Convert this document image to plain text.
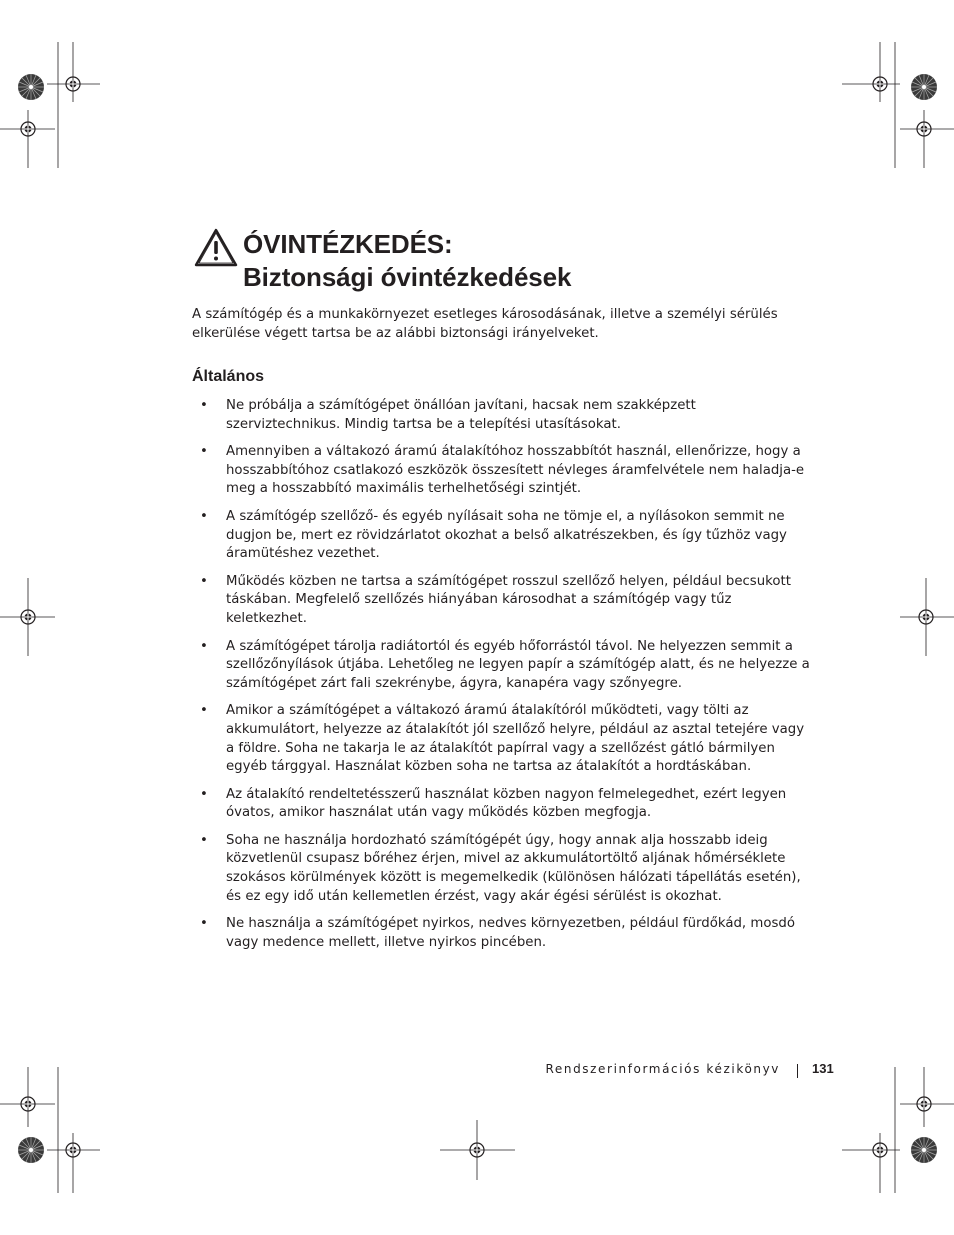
ÓVINTÉZKEDÉS:
Biztonsági óvintézkedések

A számítógép és a munkakörnyezet esetleges károsodásának, illetve a személyi sérülés elkerülése végett tartsa be az alábbi biztonsági irányelveket.

Általános
• Ne próbálja a számítógépet önállóan javítani, hacsak nem szakképzett szerviztechnikus. Mindig tartsa be a telepítési utasításokat.
• Amennyiben a váltakozó áramú átalakítóhoz hosszabbítót használ, ellenőrizze, hogy a hosszabbítóhoz csatlakozó eszközök összesített névleges áramfelvétele nem haladja-e meg a hosszabbító maximális terhelhetőségi szintjét.
• A számítógép szellőző- és egyéb nyílásait soha ne tömje el, a nyílásokon semmit ne dugjon be, mert ez rövidzárlatot okozhat a belső alkatrészekben, és így tűzhöz vagy áramütéshez vezethet.
• Működés közben ne tartsa a számítógépet rosszul szellőző helyen, például becsukott táskában. Megfelelő szellőzés hiányában károsodhat a számítógép vagy tűz keletkezhet.
• A számítógépet tárolja radiátortól és egyéb hőforrástól távol. Ne helyezzen semmit a szellőzőnyílások útjába. Lehetőleg ne legyen papír a számítógép alatt, és ne helyezze a számítógépet zárt fali szekrénybe, ágyra, kanapéra vagy szőnyegre.
• Amikor a számítógépet a váltakozó áramú átalakítóról működteti, vagy tölti az akkumulátort, helyezze az átalakítót jól szellőző helyre, például az asztal tetejére vagy a földre. Soha ne takarja le az átalakítót papírral vagy a szellőzést gátló bármilyen egyéb tárggyal. Használat közben soha ne tartsa az átalakítót a hordtáskában.
• Az átalakító rendeltetésszerű használat közben nagyon felmelegedhet, ezért legyen óvatos, amikor használat után vagy működés közben megfogja.
• Soha ne használja hordozható számítógépét úgy, hogy annak alja hosszabb ideig közvetlenül csupasz bőréhez érjen, mivel az akkumulátortöltő aljának hőmérséklete szokásos körülmények között is megemelkedik (különösen hálózati tápellátás esetén), és ez egy idő után kellemetlen érzést, vagy akár égési sérülést is okozhat.
• Ne használja a számítógépet nyirkos, nedves környezetben, például fürdőkád, mosdó vagy medence mellett, illetve nyirkos pincében.
Rendszerinformációs kézikönyv 131
